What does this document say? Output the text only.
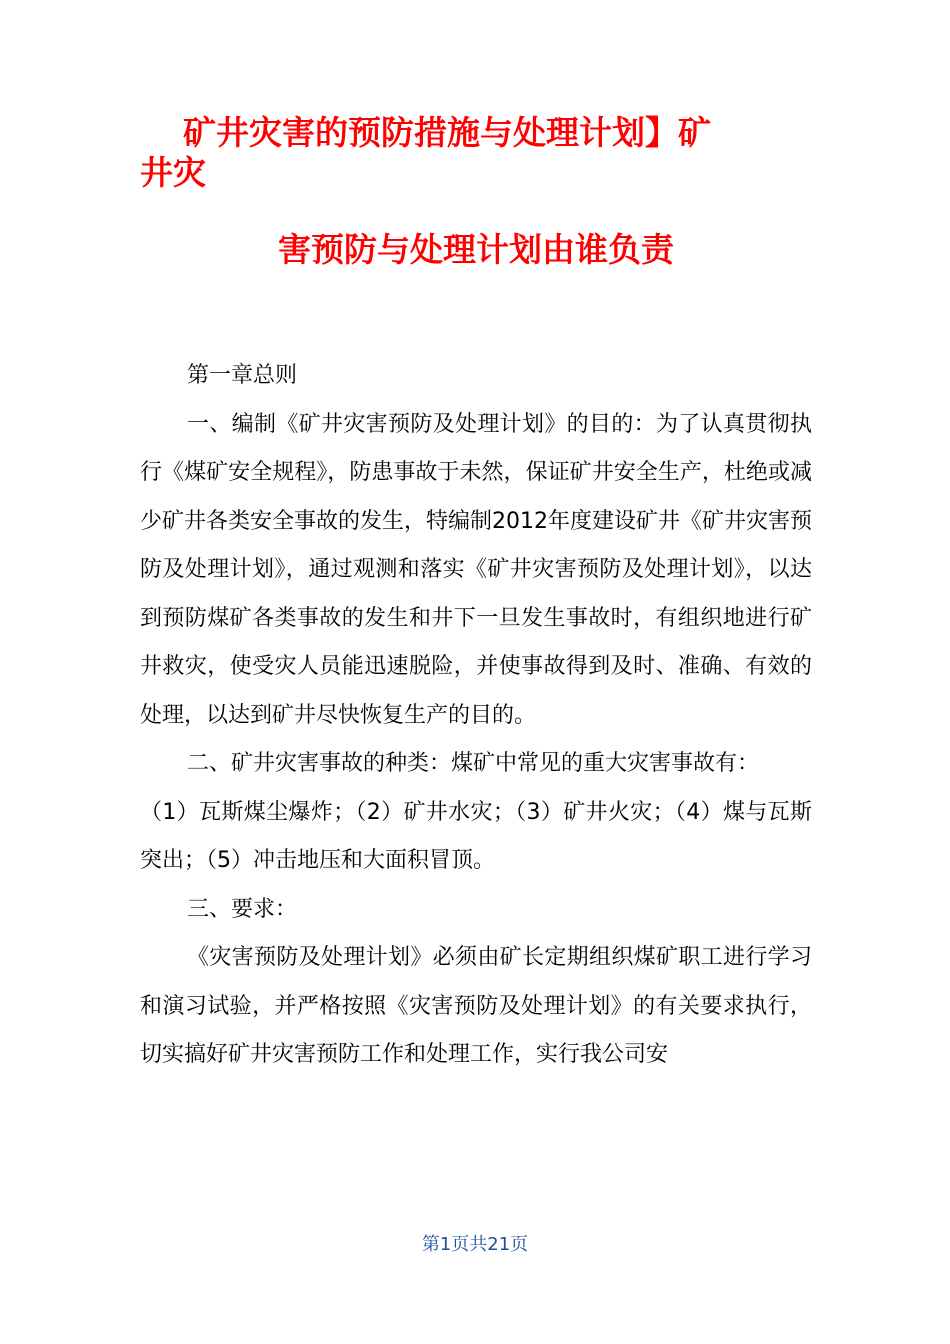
矿井灾害的预防措施与处理计划】矿
井灾
害预防与处理计划由谁负责

第一章总则

一、编制《矿井灾害预防及处理计划》的目的：为了认真贯彻执行《煤矿安全规程》，防患事故于未然，保证矿井安全生产，杜绝或减少矿井各类安全事故的发生，特编制2012年度建设矿井《矿井灾害预防及处理计划》，通过观测和落实《矿井灾害预防及处理计划》，以达到预防煤矿各类事故的发生和井下一旦发生事故时，有组织地进行矿井救灾，使受灾人员能迅速脱险，并使事故得到及时、准确、有效的处理，以达到矿井尽快恢复生产的目的。

二、矿井灾害事故的种类：煤矿中常见的重大灾害事故有：

（1）瓦斯煤尘爆炸；（2）矿井水灾；（3）矿井火灾；（4）煤与瓦斯突出；（5）冲击地压和大面积冒顶。

三、要求：

《灾害预防及处理计划》必须由矿长定期组织煤矿职工进行学习和演习试验，并严格按照《灾害预防及处理计划》的有关要求执行，切实搞好矿井灾害预防工作和处理工作，实行我公司安

第1页共21页
